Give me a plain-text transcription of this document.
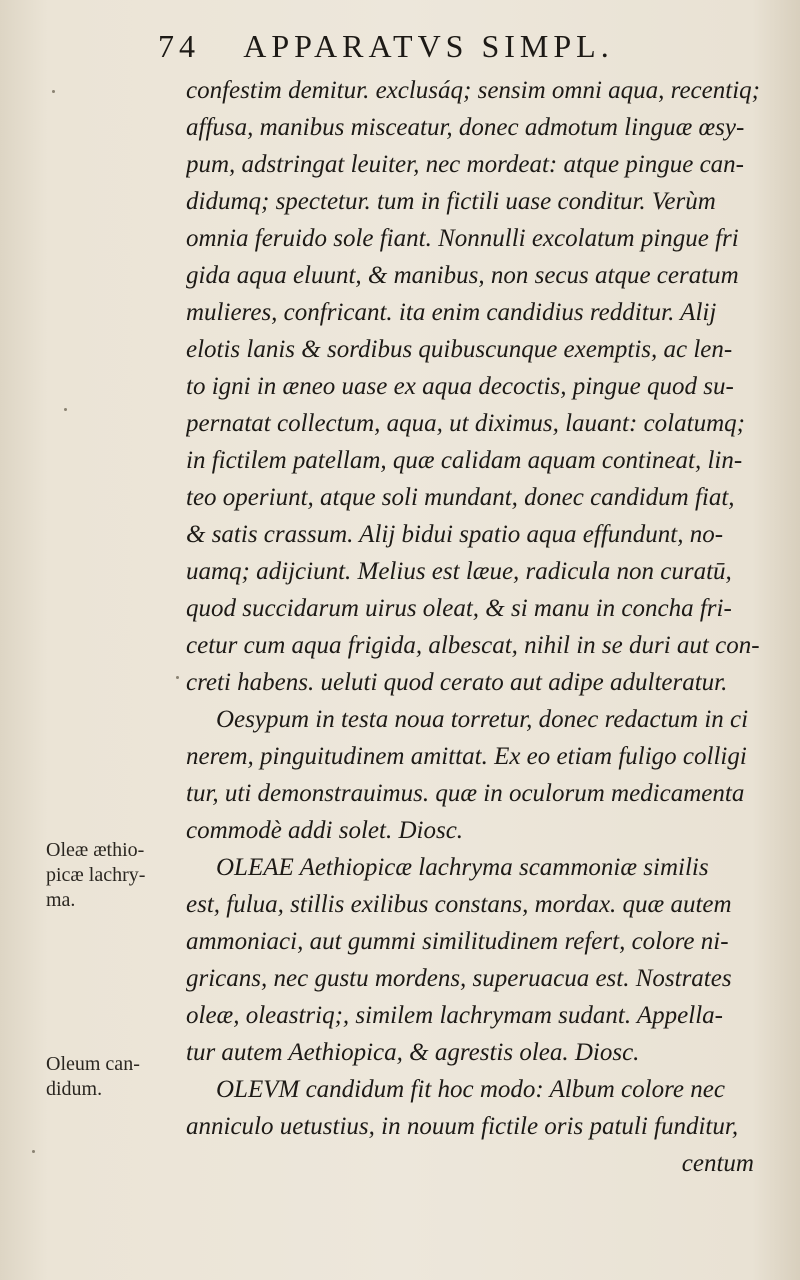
74 APPARATVS SIMPL.
confestim demitur. exclusáq; sensim omni aqua, recentiq;
affusa, manibus misceatur, donec admotum linguæ œsy-
pum, adstringat leuiter, nec mordeat: atque pingue can-
didumq; spectetur. tum in fictili uase conditur. Verùm
omnia feruido sole fiant. Nonnulli excolatum pingue fri
gida aqua eluunt, & manibus, non secus atque ceratum
mulieres, confricant. ita enim candidius redditur. Alij
elotis lanis & sordibus quibuscunque exemptis, ac len-
to igni in æneo uase ex aqua decoctis, pingue quod su-
pernatat collectum, aqua, ut diximus, lauant: colatumq;
in fictilem patellam, quæ calidam aquam contineat, lin-
teo operiunt, atque soli mundant, donec candidum fiat,
& satis crassum. Alij bidui spatio aqua effundunt, no-
uamq; adijciunt. Melius est læue, radicula non curatū,
quod succidarum uirus oleat, & si manu in concha fri-
cetur cum aqua frigida, albescat, nihil in se duri aut con-
creti habens. ueluti quod cerato aut adipe adulteratur.
Oesypum in testa noua torretur, donec redactum in ci
nerem, pinguitudinem amittat. Ex eo etiam fuligo colligi
tur, uti demonstrauimus. quæ in oculorum medicamenta
commodè addi solet. Diosc.
OLEAE Aethiopicæ lachryma scammoniæ similis
est, fulua, stillis exilibus constans, mordax. quæ autem
ammoniaci, aut gummi similitudinem refert, colore ni-
gricans, nec gustu mordens, superuacua est. Nostrates
oleæ, oleastriq;, similem lachrymam sudant. Appella-
tur autem Aethiopica, & agrestis olea. Diosc.
OLEVM candidum fit hoc modo: Album colore nec
anniculo uetustius, in nouum fictile oris patuli funditur,
centum
Oleæ æthio-
picæ lachry-
ma.
Oleum can-
didum.
